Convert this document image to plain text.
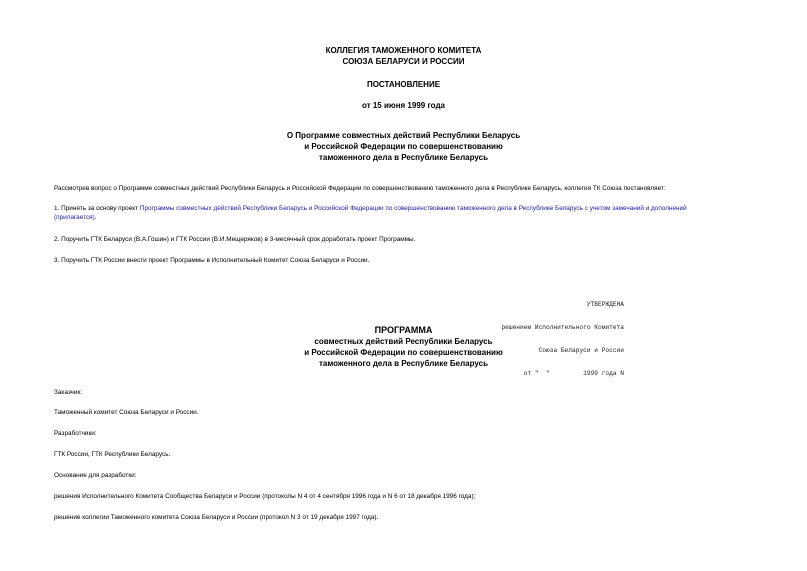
КОЛЛЕГИЯ ТАМОЖЕННОГО КОМИТЕТА
СОЮЗА БЕЛАРУСИ И РОССИИ
ПОСТАНОВЛЕНИЕ
от 15 июня 1999 года
О Программе совместных действий Республики Беларусь
и Российской Федерации по совершенствованию
таможенного дела в Республике Беларусь
Рассмотрев вопрос о Программе совместных действий Республики Беларусь и Российской Федерации по совершенствованию таможенного дела в Республике Беларусь, коллегия ТК Союза постановляет:
1. Принять за основу проект Программы совместных действий Республики Беларусь и Российской Федерации по совершенствованию таможенного дела в Республике Беларусь с учетом замечаний и дополнений
(прилагается).
2. Поручить ГТК Беларуси (В.А.Гошин) и ГТК России (В.И.Мещеряков) в 3-месячный срок доработать проект Программы.
3. Поручить ГТК России внести проект Программы в Исполнительный Комитет Союза Беларуси и России.

УТВЕРЖДЕНА

решением Исполнительного Комитета

Союза Беларуси и России

от "  "         1999 года N

ПРОГРАММА
совместных действий Республики Беларусь
и Российской Федерации по совершенствованию
таможенного дела в Республике Беларусь
Заказчик:
Таможенный комитет Союза Беларуси и России.
Разработчики:
ГТК России, ГТК Республики Беларусь.
Основание для разработки:
решения Исполнительного Комитета Сообщества Беларуси и России (протоколы N 4 от 4 сентября 1996 года и N 6 от 18 декабря 1996 года);
решение коллегии Таможенного комитета Союза Беларуси и России (протокол N 3 от 19 декабря 1997 года).
